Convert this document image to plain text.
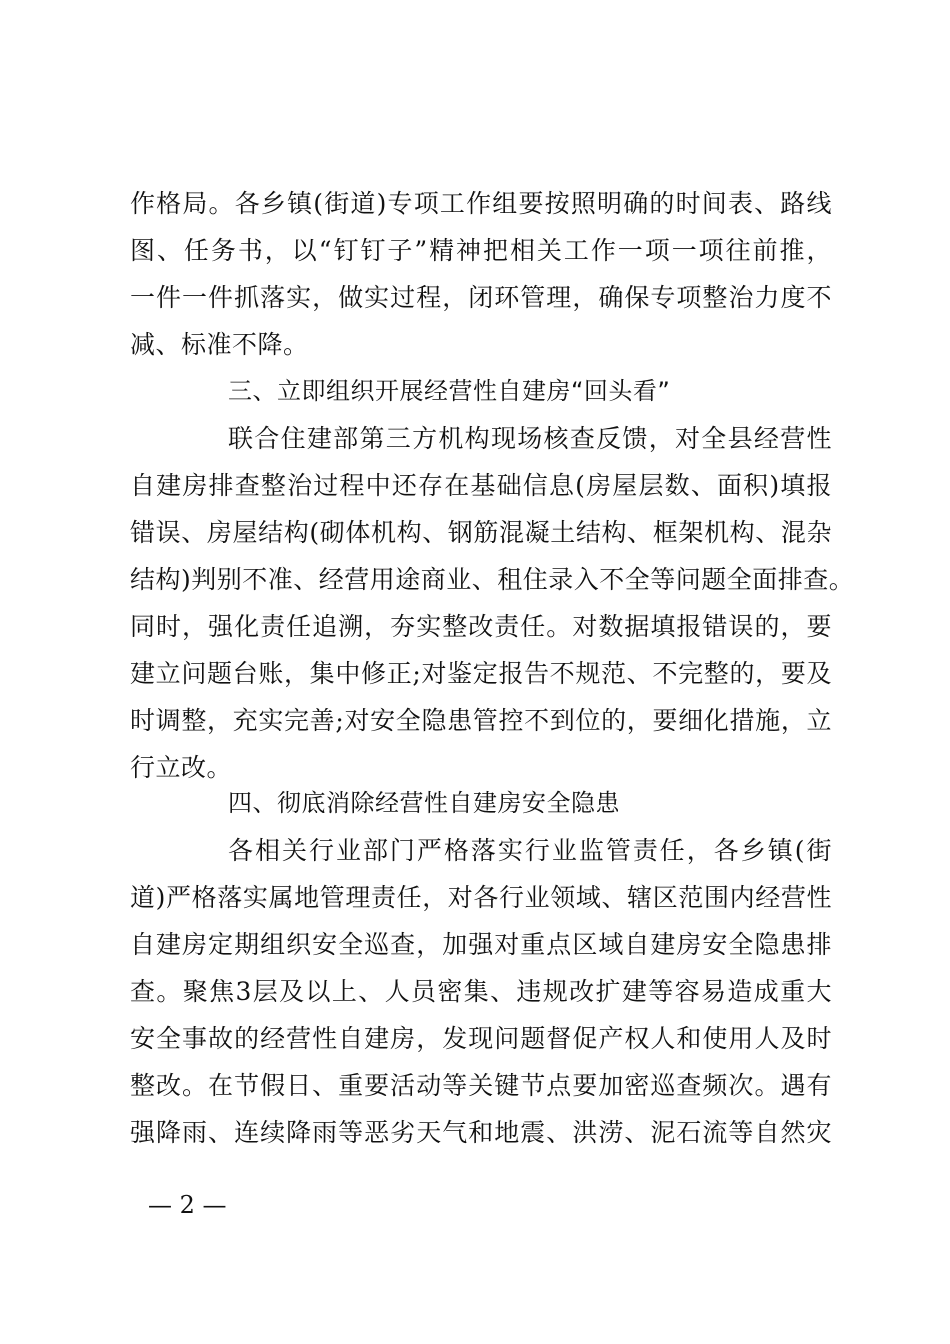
作格局。各乡镇(街道)专项工作组要按照明确的时间表、路线
图、任务书，以“钉钉子”精神把相关工作一项一项往前推，
一件一件抓落实，做实过程，闭环管理，确保专项整治力度不
减、标准不降。
三、立即组织开展经营性自建房“回头看”
联合住建部第三方机构现场核查反馈，对全县经营性
自建房排查整治过程中还存在基础信息(房屋层数、面积)填报
错误、房屋结构(砌体机构、钢筋混凝土结构、框架机构、混杂
结构)判别不准、经营用途商业、租住录入不全等问题全面排查。
同时，强化责任追溯，夯实整改责任。对数据填报错误的，要
建立问题台账，集中修正;对鉴定报告不规范、不完整的，要及
时调整，充实完善;对安全隐患管控不到位的，要细化措施，立
行立改。
四、彻底消除经营性自建房安全隐患
各相关行业部门严格落实行业监管责任，各乡镇(街
道)严格落实属地管理责任，对各行业领域、辖区范围内经营性
自建房定期组织安全巡查，加强对重点区域自建房安全隐患排
查。聚焦3层及以上、人员密集、违规改扩建等容易造成重大
安全事故的经营性自建房，发现问题督促产权人和使用人及时
整改。在节假日、重要活动等关键节点要加密巡查频次。遇有
强降雨、连续降雨等恶劣天气和地震、洪涝、泥石流等自然灾
— 2 —
